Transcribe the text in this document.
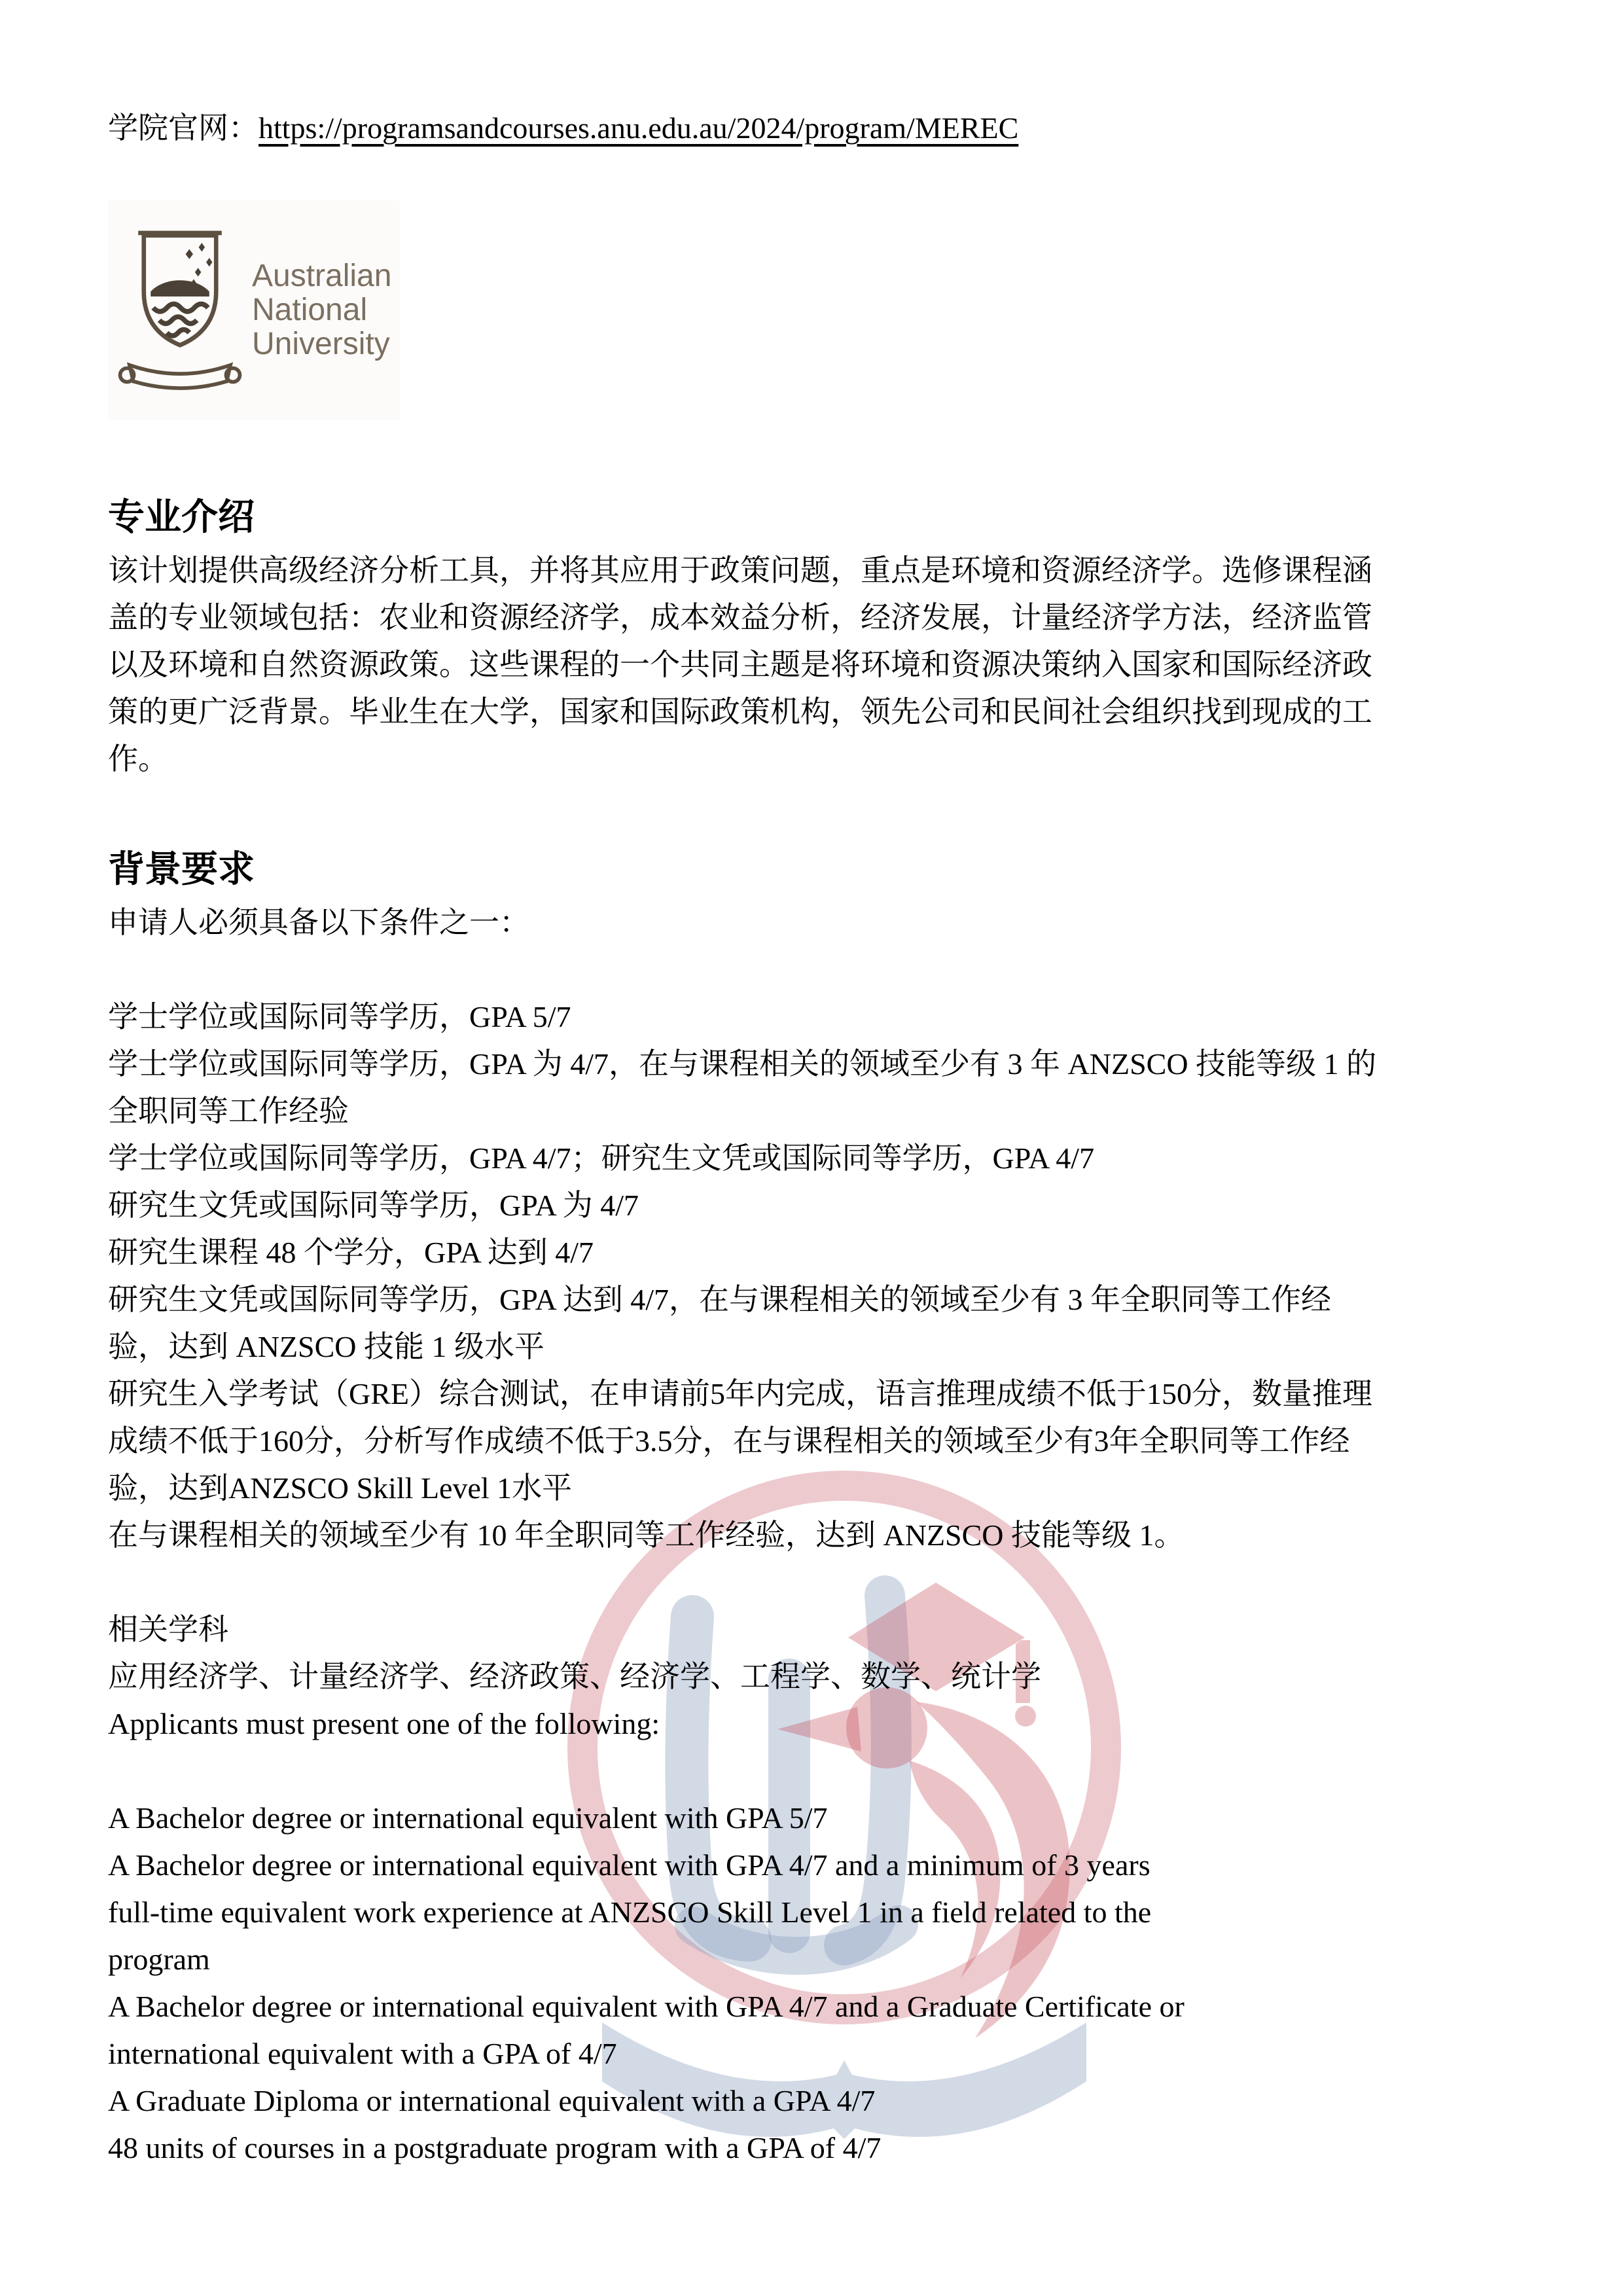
学院官网：https://programsandcourses.anu.edu.au/2024/program/MEREC
Australian
National
University
专业介绍
该计划提供高级经济分析工具，并将其应用于政策问题，重点是环境和资源经济学。选修课程涵
盖的专业领域包括：农业和资源经济学，成本效益分析，经济发展，计量经济学方法，经济监管
以及环境和自然资源政策。这些课程的一个共同主题是将环境和资源决策纳入国家和国际经济政
策的更广泛背景。毕业生在大学，国家和国际政策机构，领先公司和民间社会组织找到现成的工
作。
背景要求
申请人必须具备以下条件之一：

学士学位或国际同等学历，GPA 5/7
学士学位或国际同等学历，GPA 为 4/7，在与课程相关的领域至少有 3 年 ANZSCO 技能等级 1 的
全职同等工作经验
学士学位或国际同等学历，GPA 4/7；研究生文凭或国际同等学历，GPA 4/7
研究生文凭或国际同等学历，GPA 为 4/7
研究生课程 48 个学分，GPA 达到 4/7
研究生文凭或国际同等学历，GPA 达到 4/7，在与课程相关的领域至少有 3 年全职同等工作经
验，达到 ANZSCO 技能 1 级水平
研究生入学考试（GRE）综合测试，在申请前5年内完成，语言推理成绩不低于150分，数量推理
成绩不低于160分，分析写作成绩不低于3.5分，在与课程相关的领域至少有3年全职同等工作经
验，达到ANZSCO Skill Level 1水平
在与课程相关的领域至少有 10 年全职同等工作经验，达到 ANZSCO 技能等级 1。

相关学科
应用经济学、计量经济学、经济政策、经济学、工程学、数学、统计学
Applicants must present one of the following:

A Bachelor degree or international equivalent with GPA 5/7
A Bachelor degree or international equivalent with GPA 4/7 and a minimum of 3 years
full-time equivalent work experience at ANZSCO Skill Level 1 in a field related to the
program
A Bachelor degree or international equivalent with GPA 4/7 and a Graduate Certificate or
international equivalent with a GPA of 4/7
A Graduate Diploma or international equivalent with a GPA 4/7
48 units of courses in a postgraduate program with a GPA of 4/7
